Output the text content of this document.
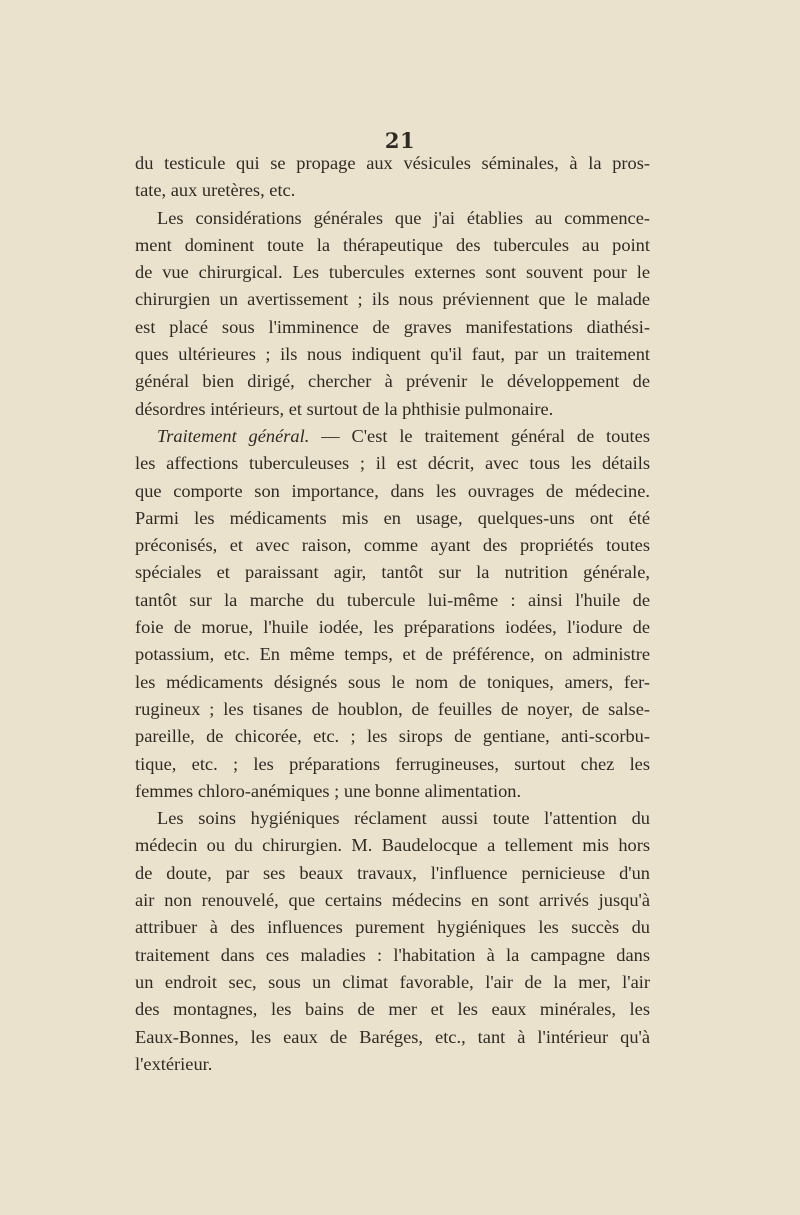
21
du testicule qui se propage aux vésicules séminales, à la pros-
tate, aux uretères, etc.
Les considérations générales que j'ai établies au commence-
ment dominent toute la thérapeutique des tubercules au point
de vue chirurgical. Les tubercules externes sont souvent pour le
chirurgien un avertissement ; ils nous préviennent que le malade
est placé sous l'imminence de graves manifestations diathési-
ques ultérieures ; ils nous indiquent qu'il faut, par un traitement
général bien dirigé, chercher à prévenir le développement de
désordres intérieurs, et surtout de la phthisie pulmonaire.
Traitement général. — C'est le traitement général de toutes
les affections tuberculeuses ; il est décrit, avec tous les détails
que comporte son importance, dans les ouvrages de médecine.
Parmi les médicaments mis en usage, quelques-uns ont été
préconisés, et avec raison, comme ayant des propriétés toutes
spéciales et paraissant agir, tantôt sur la nutrition générale,
tantôt sur la marche du tubercule lui-même : ainsi l'huile de
foie de morue, l'huile iodée, les préparations iodées, l'iodure de
potassium, etc. En même temps, et de préférence, on administre
les médicaments désignés sous le nom de toniques, amers, fer-
rugineux ; les tisanes de houblon, de feuilles de noyer, de salse-
pareille, de chicorée, etc. ; les sirops de gentiane, anti-scorbu-
tique, etc. ; les préparations ferrugineuses, surtout chez les
femmes chloro-anémiques ; une bonne alimentation.
Les soins hygiéniques réclament aussi toute l'attention du
médecin ou du chirurgien. M. Baudelocque a tellement mis hors
de doute, par ses beaux travaux, l'influence pernicieuse d'un
air non renouvelé, que certains médecins en sont arrivés jusqu'à
attribuer à des influences purement hygiéniques les succès du
traitement dans ces maladies : l'habitation à la campagne dans
un endroit sec, sous un climat favorable, l'air de la mer, l'air
des montagnes, les bains de mer et les eaux minérales, les
Eaux-Bonnes, les eaux de Baréges, etc., tant à l'intérieur qu'à
l'extérieur.
